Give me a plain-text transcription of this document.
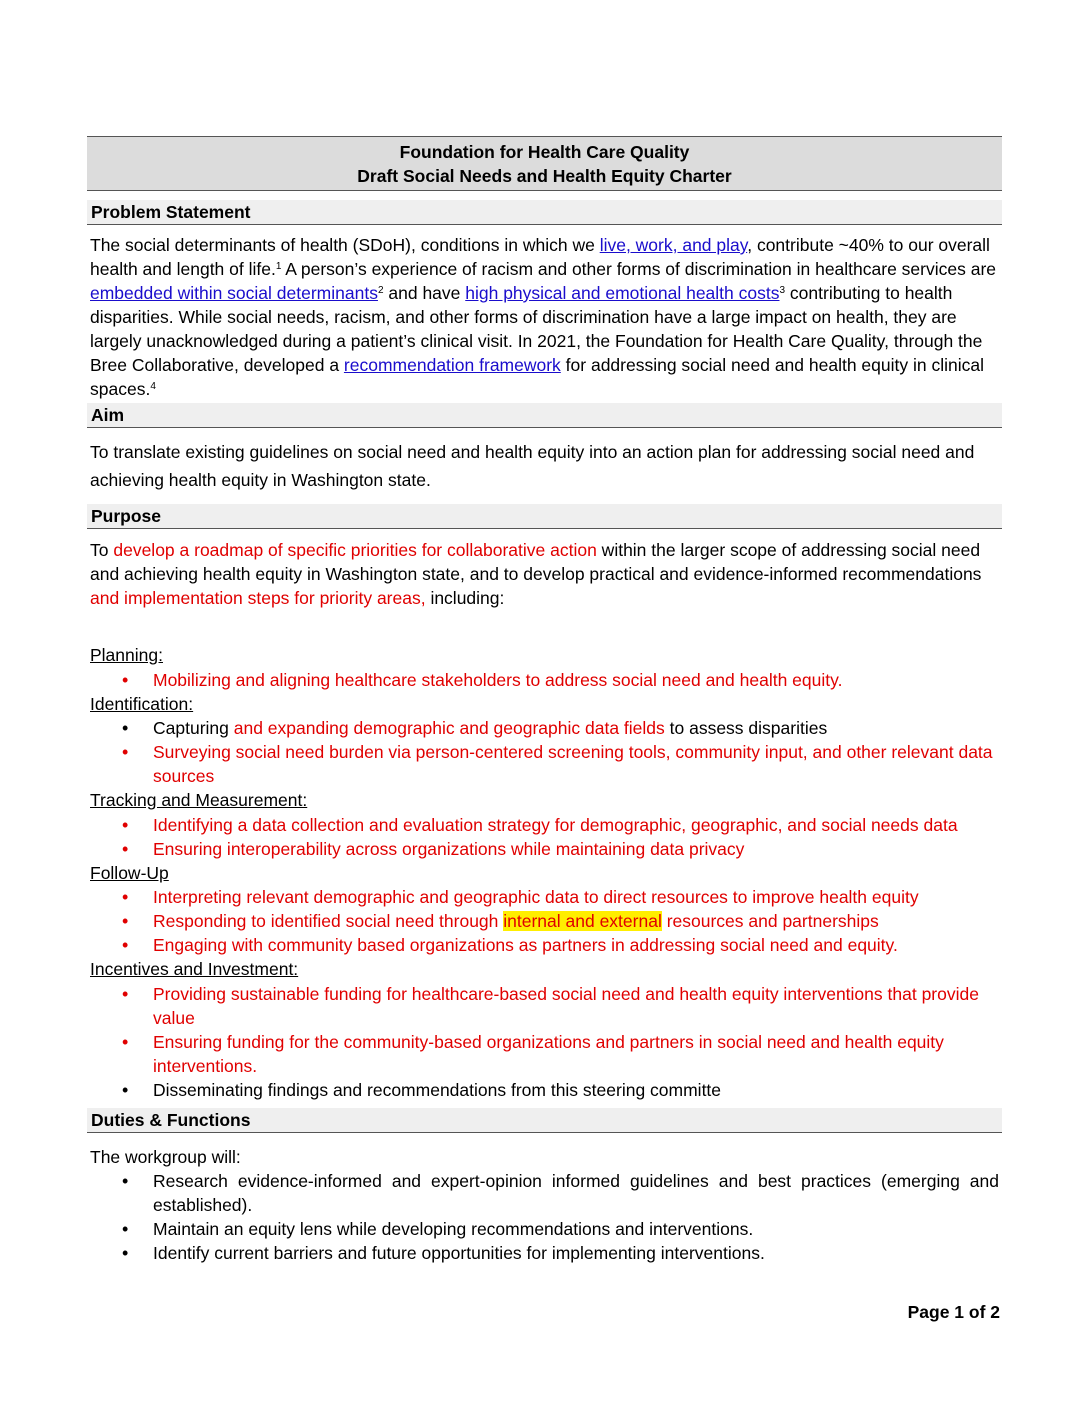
Foundation for Health Care Quality
Draft Social Needs and Health Equity Charter
Problem Statement
The social determinants of health (SDoH), conditions in which we live, work, and play, contribute ~40% to our overall health and length of life.$^1$ A person’s experience of racism and other forms of discrimination in healthcare services are embedded within social determinants$^2$ and have high physical and emotional health costs$^3$ contributing to health disparities. While social needs, racism, and other forms of discrimination have a large impact on health, they are largely unacknowledged during a patient’s clinical visit. In 2021, the Foundation for Health Care Quality, through the Bree Collaborative, developed a recommendation framework for addressing social need and health equity in clinical spaces.$^4$
Aim
To translate existing guidelines on social need and health equity into an action plan for addressing social need and achieving health equity in Washington state.
Purpose
To develop a roadmap of specific priorities for collaborative action within the larger scope of addressing social need and achieving health equity in Washington state, and to develop practical and evidence-informed recommendations and implementation steps for priority areas, including:
Planning:
• Mobilizing and aligning healthcare stakeholders to address social need and health equity.
Identification:
• Capturing and expanding demographic and geographic data fields to assess disparities
• Surveying social need burden via person-centered screening tools, community input, and other relevant data sources
Tracking and Measurement:
• Identifying a data collection and evaluation strategy for demographic, geographic, and social needs data
• Ensuring interoperability across organizations while maintaining data privacy
Follow-Up
• Interpreting relevant demographic and geographic data to direct resources to improve health equity
• Responding to identified social need through internal and external resources and partnerships
• Engaging with community based organizations as partners in addressing social need and equity.
Incentives and Investment:
• Providing sustainable funding for healthcare-based social need and health equity interventions that provide value
• Ensuring funding for the community-based organizations and partners in social need and health equity interventions.
• Disseminating findings and recommendations from this steering committe
Duties & Functions
The workgroup will:
• Research evidence-informed and expert-opinion informed guidelines and best practices (emerging and established).
• Maintain an equity lens while developing recommendations and interventions.
• Identify current barriers and future opportunities for implementing interventions.
Page 1 of 2
